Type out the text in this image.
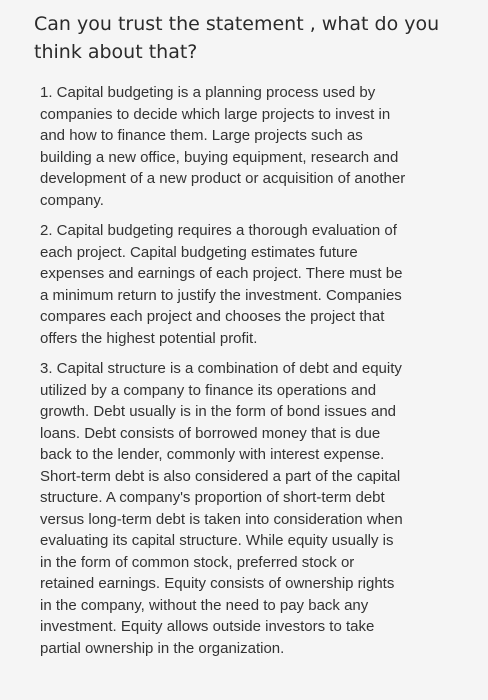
Can you trust the statement , what do you
think about that?
1. Capital budgeting is a planning process used by
companies to decide which large projects to invest in
and how to finance them. Large projects such as
building a new office, buying equipment, research and
development of a new product or acquisition of another
company.
2. Capital budgeting requires a thorough evaluation of
each project. Capital budgeting estimates future
expenses and earnings of each project. There must be
a minimum return to justify the investment. Companies
compares each project and chooses the project that
offers the highest potential profit.
3. Capital structure is a combination of debt and equity
utilized by a company to finance its operations and
growth. Debt usually is in the form of bond issues and
loans. Debt consists of borrowed money that is due
back to the lender, commonly with interest expense.
Short-term debt is also considered a part of the capital
structure. A company's proportion of short-term debt
versus long-term debt is taken into consideration when
evaluating its capital structure. While equity usually is
in the form of common stock, preferred stock or
retained earnings. Equity consists of ownership rights
in the company, without the need to pay back any
investment. Equity allows outside investors to take
partial ownership in the organization.
